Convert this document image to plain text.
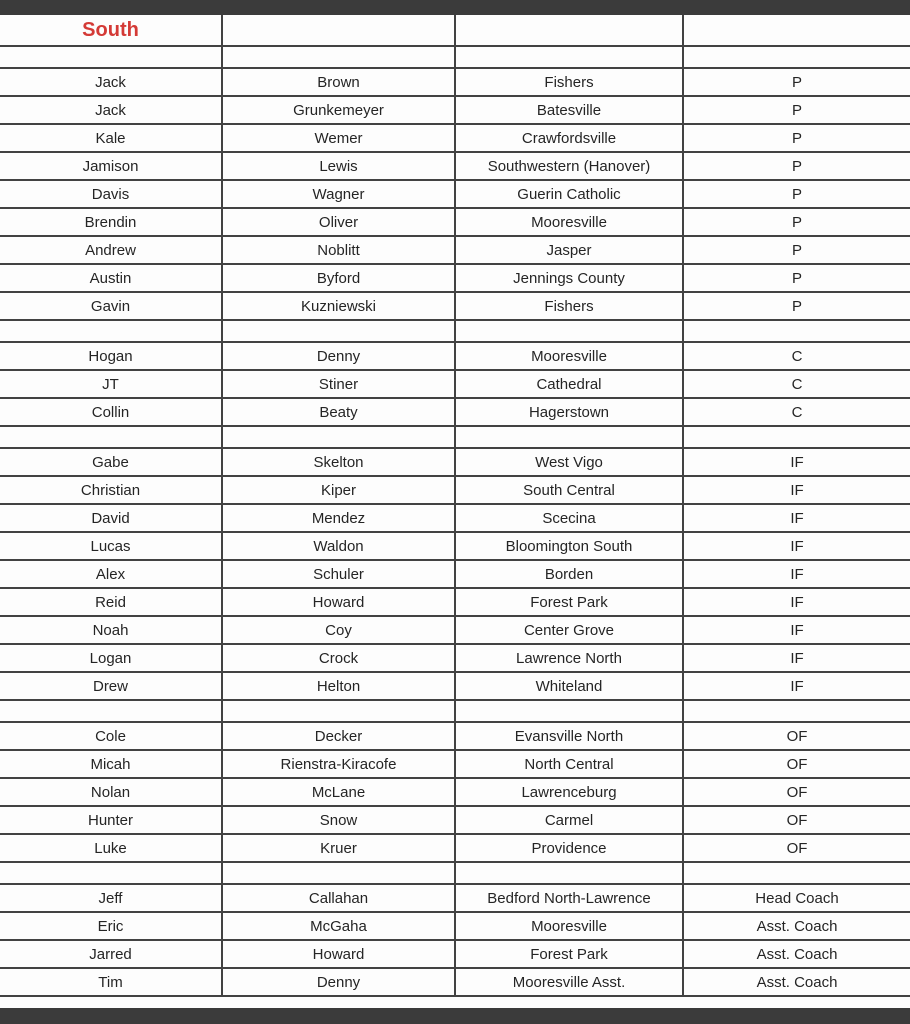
South			

Jack	Brown	Fishers	P
Jack	Grunkemeyer	Batesville	P
Kale	Wemer	Crawfordsville	P
Jamison	Lewis	Southwestern (Hanover)	P
Davis	Wagner	Guerin Catholic	P
Brendin	Oliver	Mooresville	P
Andrew	Noblitt	Jasper	P
Austin	Byford	Jennings County	P
Gavin	Kuzniewski	Fishers	P

Hogan	Denny	Mooresville	C
JT	Stiner	Cathedral	C
Collin	Beaty	Hagerstown	C

Gabe	Skelton	West Vigo	IF
Christian	Kiper	South Central	IF
David	Mendez	Scecina	IF
Lucas	Waldon	Bloomington South	IF
Alex	Schuler	Borden	IF
Reid	Howard	Forest Park	IF
Noah	Coy	Center Grove	IF
Logan	Crock	Lawrence North	IF
Drew	Helton	Whiteland	IF

Cole	Decker	Evansville North	OF
Micah	Rienstra-Kiracofe	North Central	OF
Nolan	McLane	Lawrenceburg	OF
Hunter	Snow	Carmel	OF
Luke	Kruer	Providence	OF

Jeff	Callahan	Bedford North-Lawrence	Head Coach
Eric	McGaha	Mooresville	Asst. Coach
Jarred	Howard	Forest Park	Asst. Coach
Tim	Denny	Mooresville Asst.	Asst. Coach
